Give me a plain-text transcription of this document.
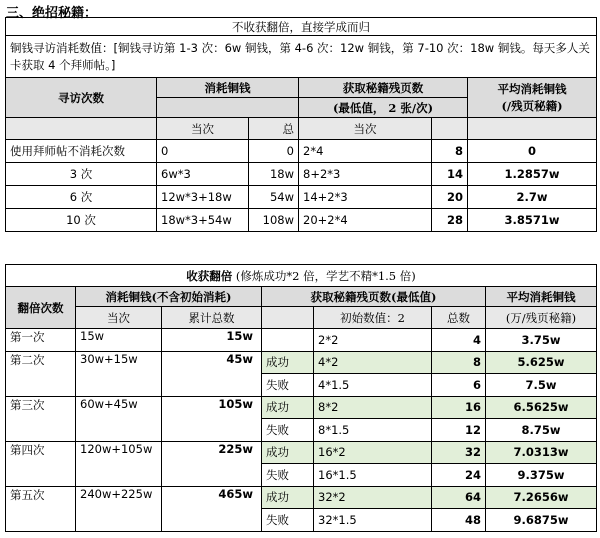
三、绝招秘籍：
不收获翻倍，直接学成而归					
铜钱寻访消耗数值：[铜钱寻访第 1-3 次：6w 铜钱，第 4-6 次：12w 铜钱，第 7-10 次：18w 铜钱。每天多人关卡获取 4 个拜师帖。]					
寻访次数	消耗铜钱		获取秘籍残页数		平均消耗铜钱
(/残页秘籍)
			(最低值， 2 张/次)		
	当次	总	当次		
使用拜师帖不消耗次数	0	0	2*4	8	0
3 次	6w*3	18w	8+2*3	14	1.2857w
6 次	12w*3+18w	54w	14+2*3	20	2.7w
10 次	18w*3+54w	108w	20+2*4	28	3.8571w

收获翻倍 (修炼成功*2 倍，学艺不精*1.5 倍)						
翻倍次数	消耗铜钱(不含初始消耗)		获取秘籍残页数(最低值)			平均消耗铜钱
	当次	累计总数		初始数值：2	总数	(万/残页秘籍)
第一次	15w	15w		2*2	4	3.75w
第二次	30w+15w	45w	成功	4*2	8	5.625w
			失败	4*1.5	6	7.5w
第三次	60w+45w	105w	成功	8*2	16	6.5625w
			失败	8*1.5	12	8.75w
第四次	120w+105w	225w	成功	16*2	32	7.0313w
			失败	16*1.5	24	9.375w
第五次	240w+225w	465w	成功	32*2	64	7.2656w
			失败	32*1.5	48	9.6875w
